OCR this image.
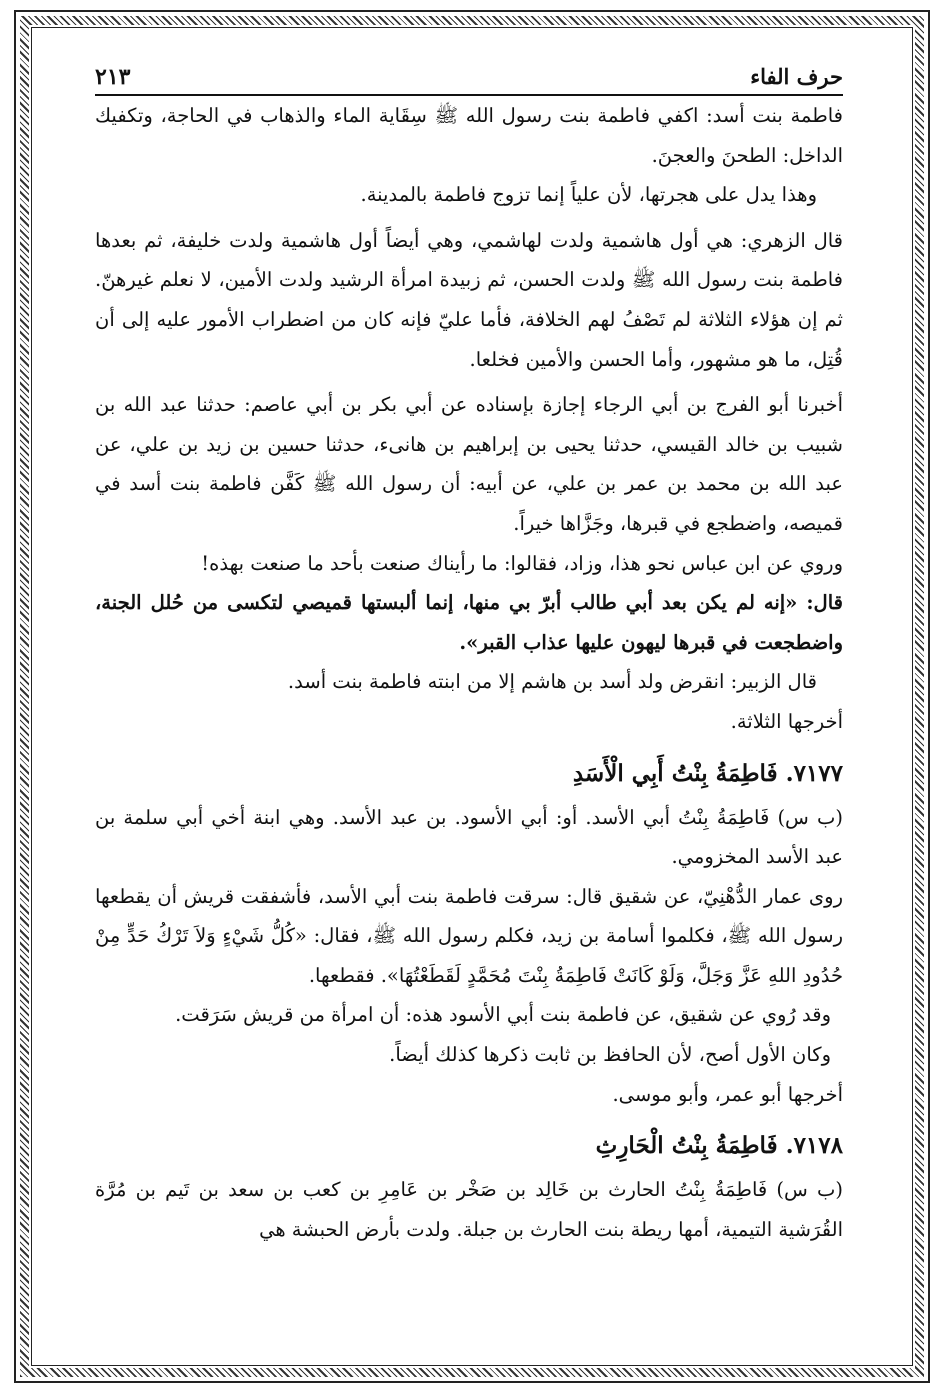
حرف الفاء
٢١٣

فاطمة بنت أسد: اكفي فاطمة بنت رسول الله ﷺ سِقَاية الماء والذهاب في الحاجة، وتكفيك الداخل: الطحنَ والعجنَ.

وهذا يدل على هجرتها، لأن علياً إنما تزوج فاطمة بالمدينة.

قال الزهري: هي أول هاشمية ولدت لهاشمي، وهي أيضاً أول هاشمية ولدت خليفة، ثم بعدها فاطمة بنت رسول الله ﷺ ولدت الحسن، ثم زبيدة امرأة الرشيد ولدت الأمين، لا نعلم غيرهنّ. ثم إن هؤلاء الثلاثة لم تَصْفُ لهم الخلافة، فأما عليّ فإنه كان من اضطراب الأمور عليه إلى أن قُتِل، ما هو مشهور، وأما الحسن والأمين فخلعا.

أخبرنا أبو الفرج بن أبي الرجاء إجازة بإسناده عن أبي بكر بن أبي عاصم: حدثنا عبد الله بن شبيب بن خالد القيسي، حدثنا يحيى بن إبراهيم بن هانىء، حدثنا حسين بن زيد بن علي، عن عبد الله بن محمد بن عمر بن علي، عن أبيه: أن رسول الله ﷺ كَفَّن فاطمة بنت أسد في قميصه، واضطجع في قبرها، وجَزَّاها خيراً.

وروي عن ابن عباس نحو هذا، وزاد، فقالوا: ما رأيناك صنعت بأحد ما صنعت بهذه!

قال: «إنه لم يكن بعد أبي طالب أبرّ بي منها، إنما ألبستها قميصي لتكسى من حُلل الجنة، واضطجعت في قبرها ليهون عليها عذاب القبر».

قال الزبير: انقرض ولد أسد بن هاشم إلا من ابنته فاطمة بنت أسد.

أخرجها الثلاثة.

٧١٧٧. فَاطِمَةُ بِنْتُ أَبِي الْأَسَدِ

(ب س) فَاطِمَةُ بِنْتُ أبي الأسد. أو: أبي الأسود. بن عبد الأسد. وهي ابنة أخي أبي سلمة بن عبد الأسد المخزومي.

روى عمار الدُّهْنِيّ، عن شقيق قال: سرقت فاطمة بنت أبي الأسد، فأشفقت قريش أن يقطعها رسول الله ﷺ، فكلموا أسامة بن زيد، فكلم رسول الله ﷺ، فقال: «كُلُّ شَيْءٍ وَلاَ تَرْكُ حَدٍّ مِنْ حُدُودِ اللهِ عَزَّ وَجَلَّ، وَلَوْ كَانَتْ فَاطِمَةُ بِنْتَ مُحَمَّدٍ لَقَطَعْتُهَا». فقطعها.

وقد رُوي عن شقيق، عن فاطمة بنت أبي الأسود هذه: أن امرأة من قريش سَرَقت.

وكان الأول أصح، لأن الحافظ بن ثابت ذكرها كذلك أيضاً.

أخرجها أبو عمر، وأبو موسى.

٧١٧٨. فَاطِمَةُ بِنْتُ الْحَارِثِ

(ب س) فَاطِمَةُ بِنْتُ الحارث بن خَالِد بن صَخْر بن عَامِرِ بن كعب بن سعد بن تَيم بن مُرَّة القُرَشية التيمية، أمها ريطة بنت الحارث بن جبلة. ولدت بأرض الحبشة هي
